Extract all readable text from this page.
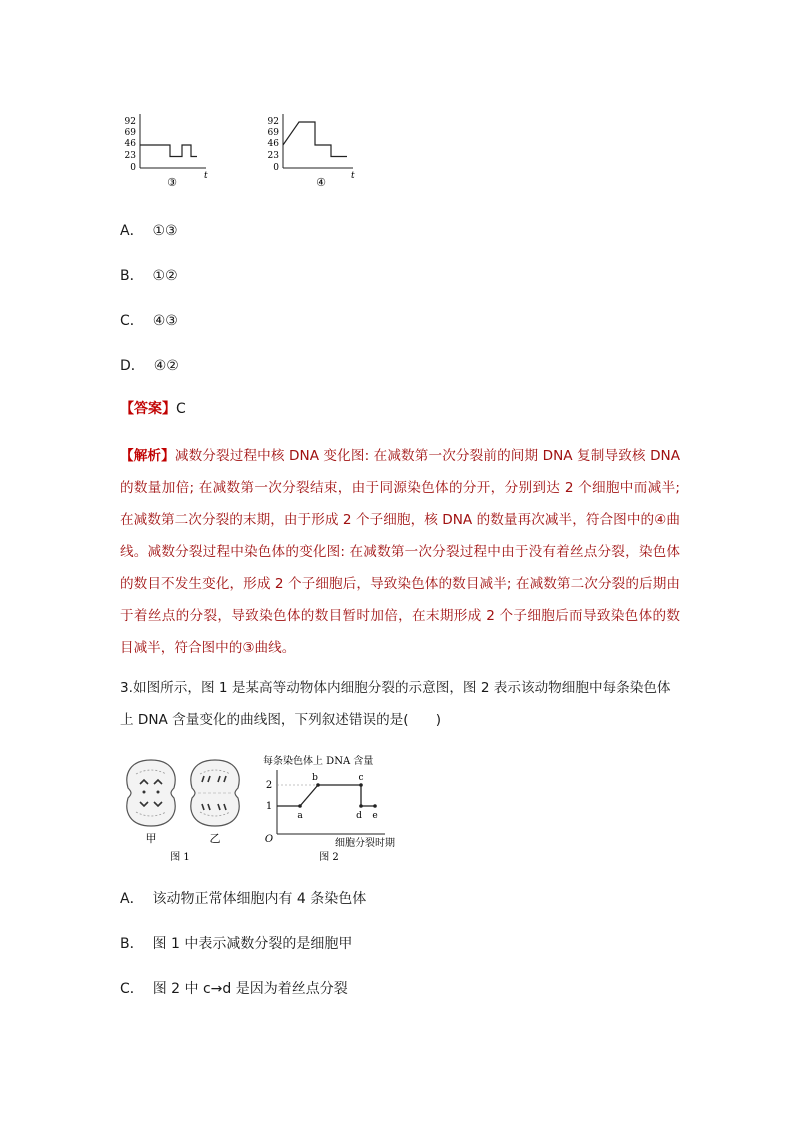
92
69
46
23
0
t
③
92
69
46
23
0
t
④
A． ①③
B． ①②
C． ④③
D． ④②
【答案】C
【解析】减数分裂过程中核 DNA 变化图: 在减数第一次分裂前的间期 DNA 复制导致核 DNA 的数量加倍; 在减数第一次分裂结束，由于同源染色体的分开，分别到达 2 个细胞中而减半; 在减数第二次分裂的末期，由于形成 2 个子细胞，核 DNA 的数量再次减半，符合图中的④曲线。减数分裂过程中染色体的变化图: 在减数第一次分裂过程中由于没有着丝点分裂，染色体的数目不发生变化，形成 2 个子细胞后，导致染色体的数目减半; 在减数第二次分裂的后期由于着丝点的分裂，导致染色体的数目暂时加倍，在末期形成 2 个子细胞后而导致染色体的数目减半，符合图中的③曲线。
3.如图所示，图 1 是某高等动物体内细胞分裂的示意图，图 2 表示该动物细胞中每条染色体上 DNA 含量变化的曲线图，下列叙述错误的是(　　)
甲	乙
图 1
每条染色体上 DNA 含量
2
1
O
a
b	c
d e
细胞分裂时期
图 2
A． 该动物正常体细胞内有 4 条染色体
B． 图 1 中表示减数分裂的是细胞甲
C． 图 2 中 c→d 是因为着丝点分裂
